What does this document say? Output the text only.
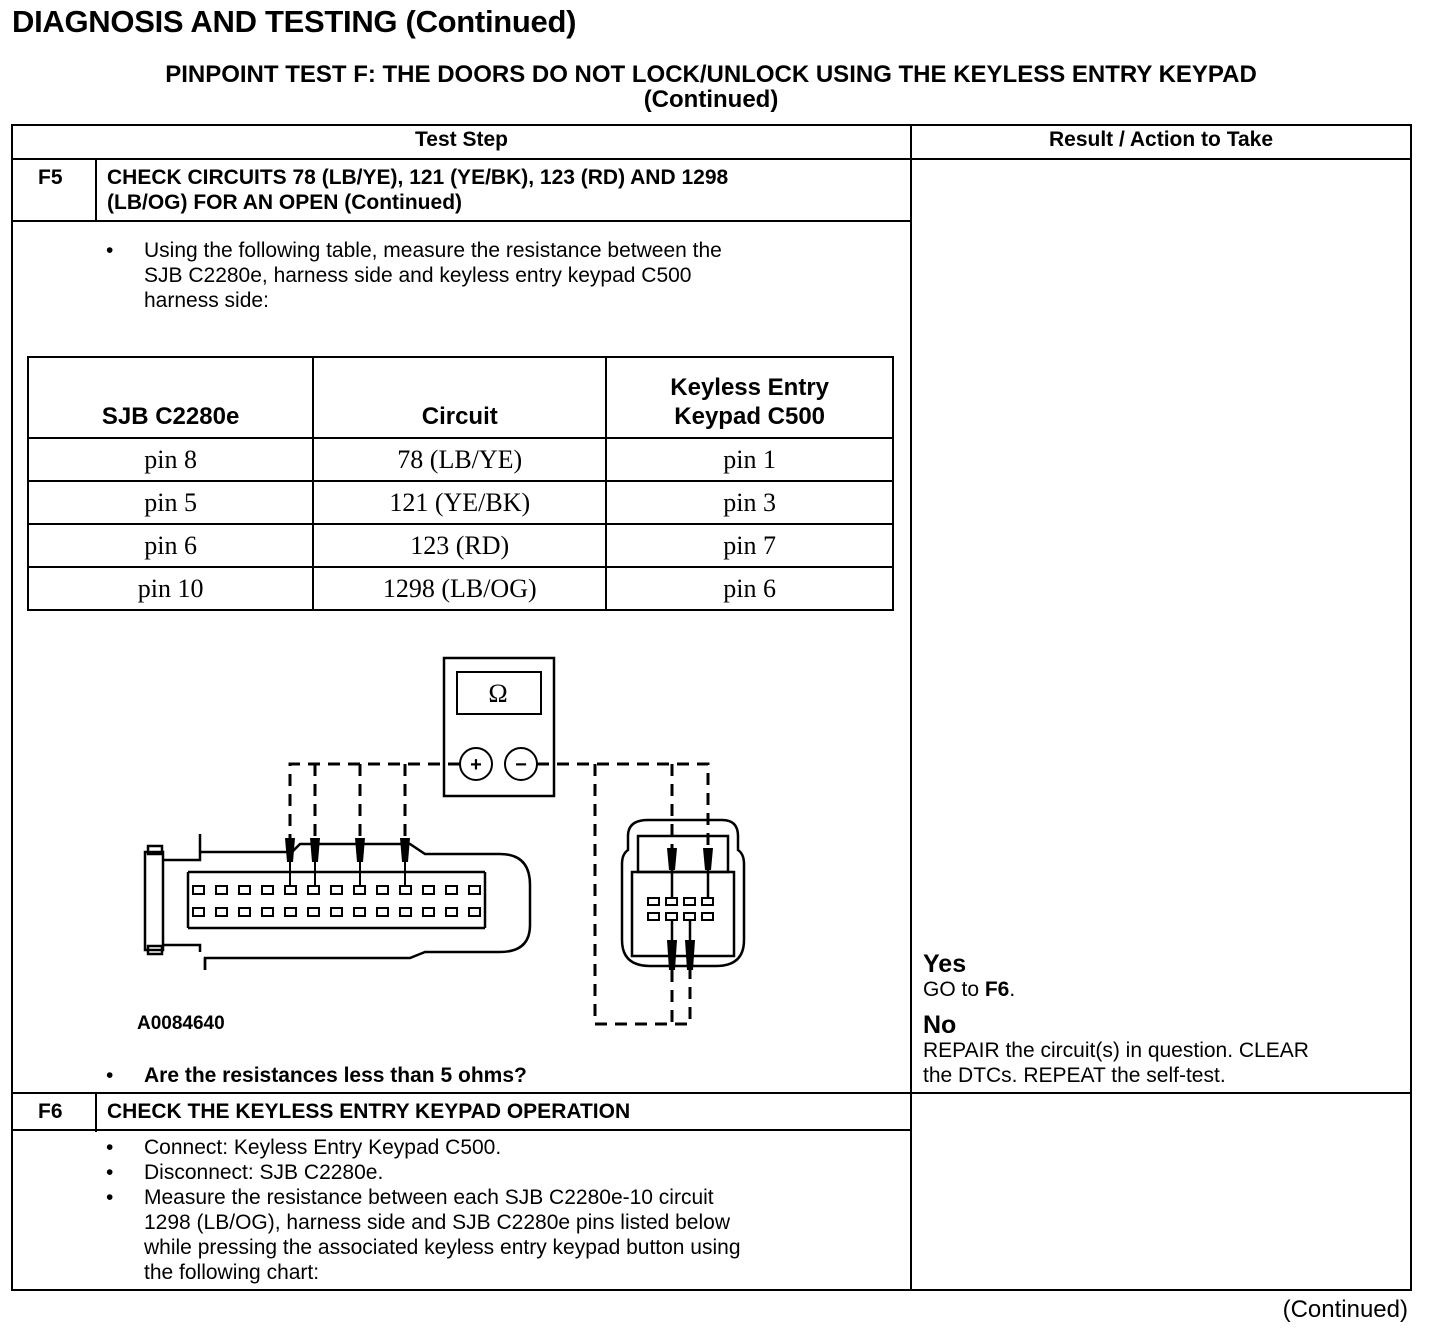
DIAGNOSIS AND TESTING (Continued)
PINPOINT TEST F: THE DOORS DO NOT LOCK/UNLOCK USING THE KEYLESS ENTRY KEYPAD
(Continued)
Test Step	Result / Action to Take
F5 CHECK CIRCUITS 78 (LB/YE), 121 (YE/BK), 123 (RD) AND 1298
(LB/OG) FOR AN OPEN (Continued)
• Using the following table, measure the resistance between the
SJB C2280e, harness side and keyless entry keypad C500
harness side:
SJB C2280e	Circuit	Keyless Entry Keypad C500

pin 8	78 (LB/YE)	pin 1
pin 5	121 (YE/BK)	pin 3
pin 6	123 (RD)	pin 7
pin 10	1298 (LB/OG)	pin 6
Ω
+ −
A0084640
• Are the resistances less than 5 ohms?
Yes
GO to F6.
No
REPAIR the circuit(s) in question. CLEAR
the DTCs. REPEAT the self-test.
F6 CHECK THE KEYLESS ENTRY KEYPAD OPERATION
• Connect: Keyless Entry Keypad C500.
• Disconnect: SJB C2280e.
• Measure the resistance between each SJB C2280e-10 circuit
1298 (LB/OG), harness side and SJB C2280e pins listed below
while pressing the associated keyless entry keypad button using
the following chart:
(Continued)
